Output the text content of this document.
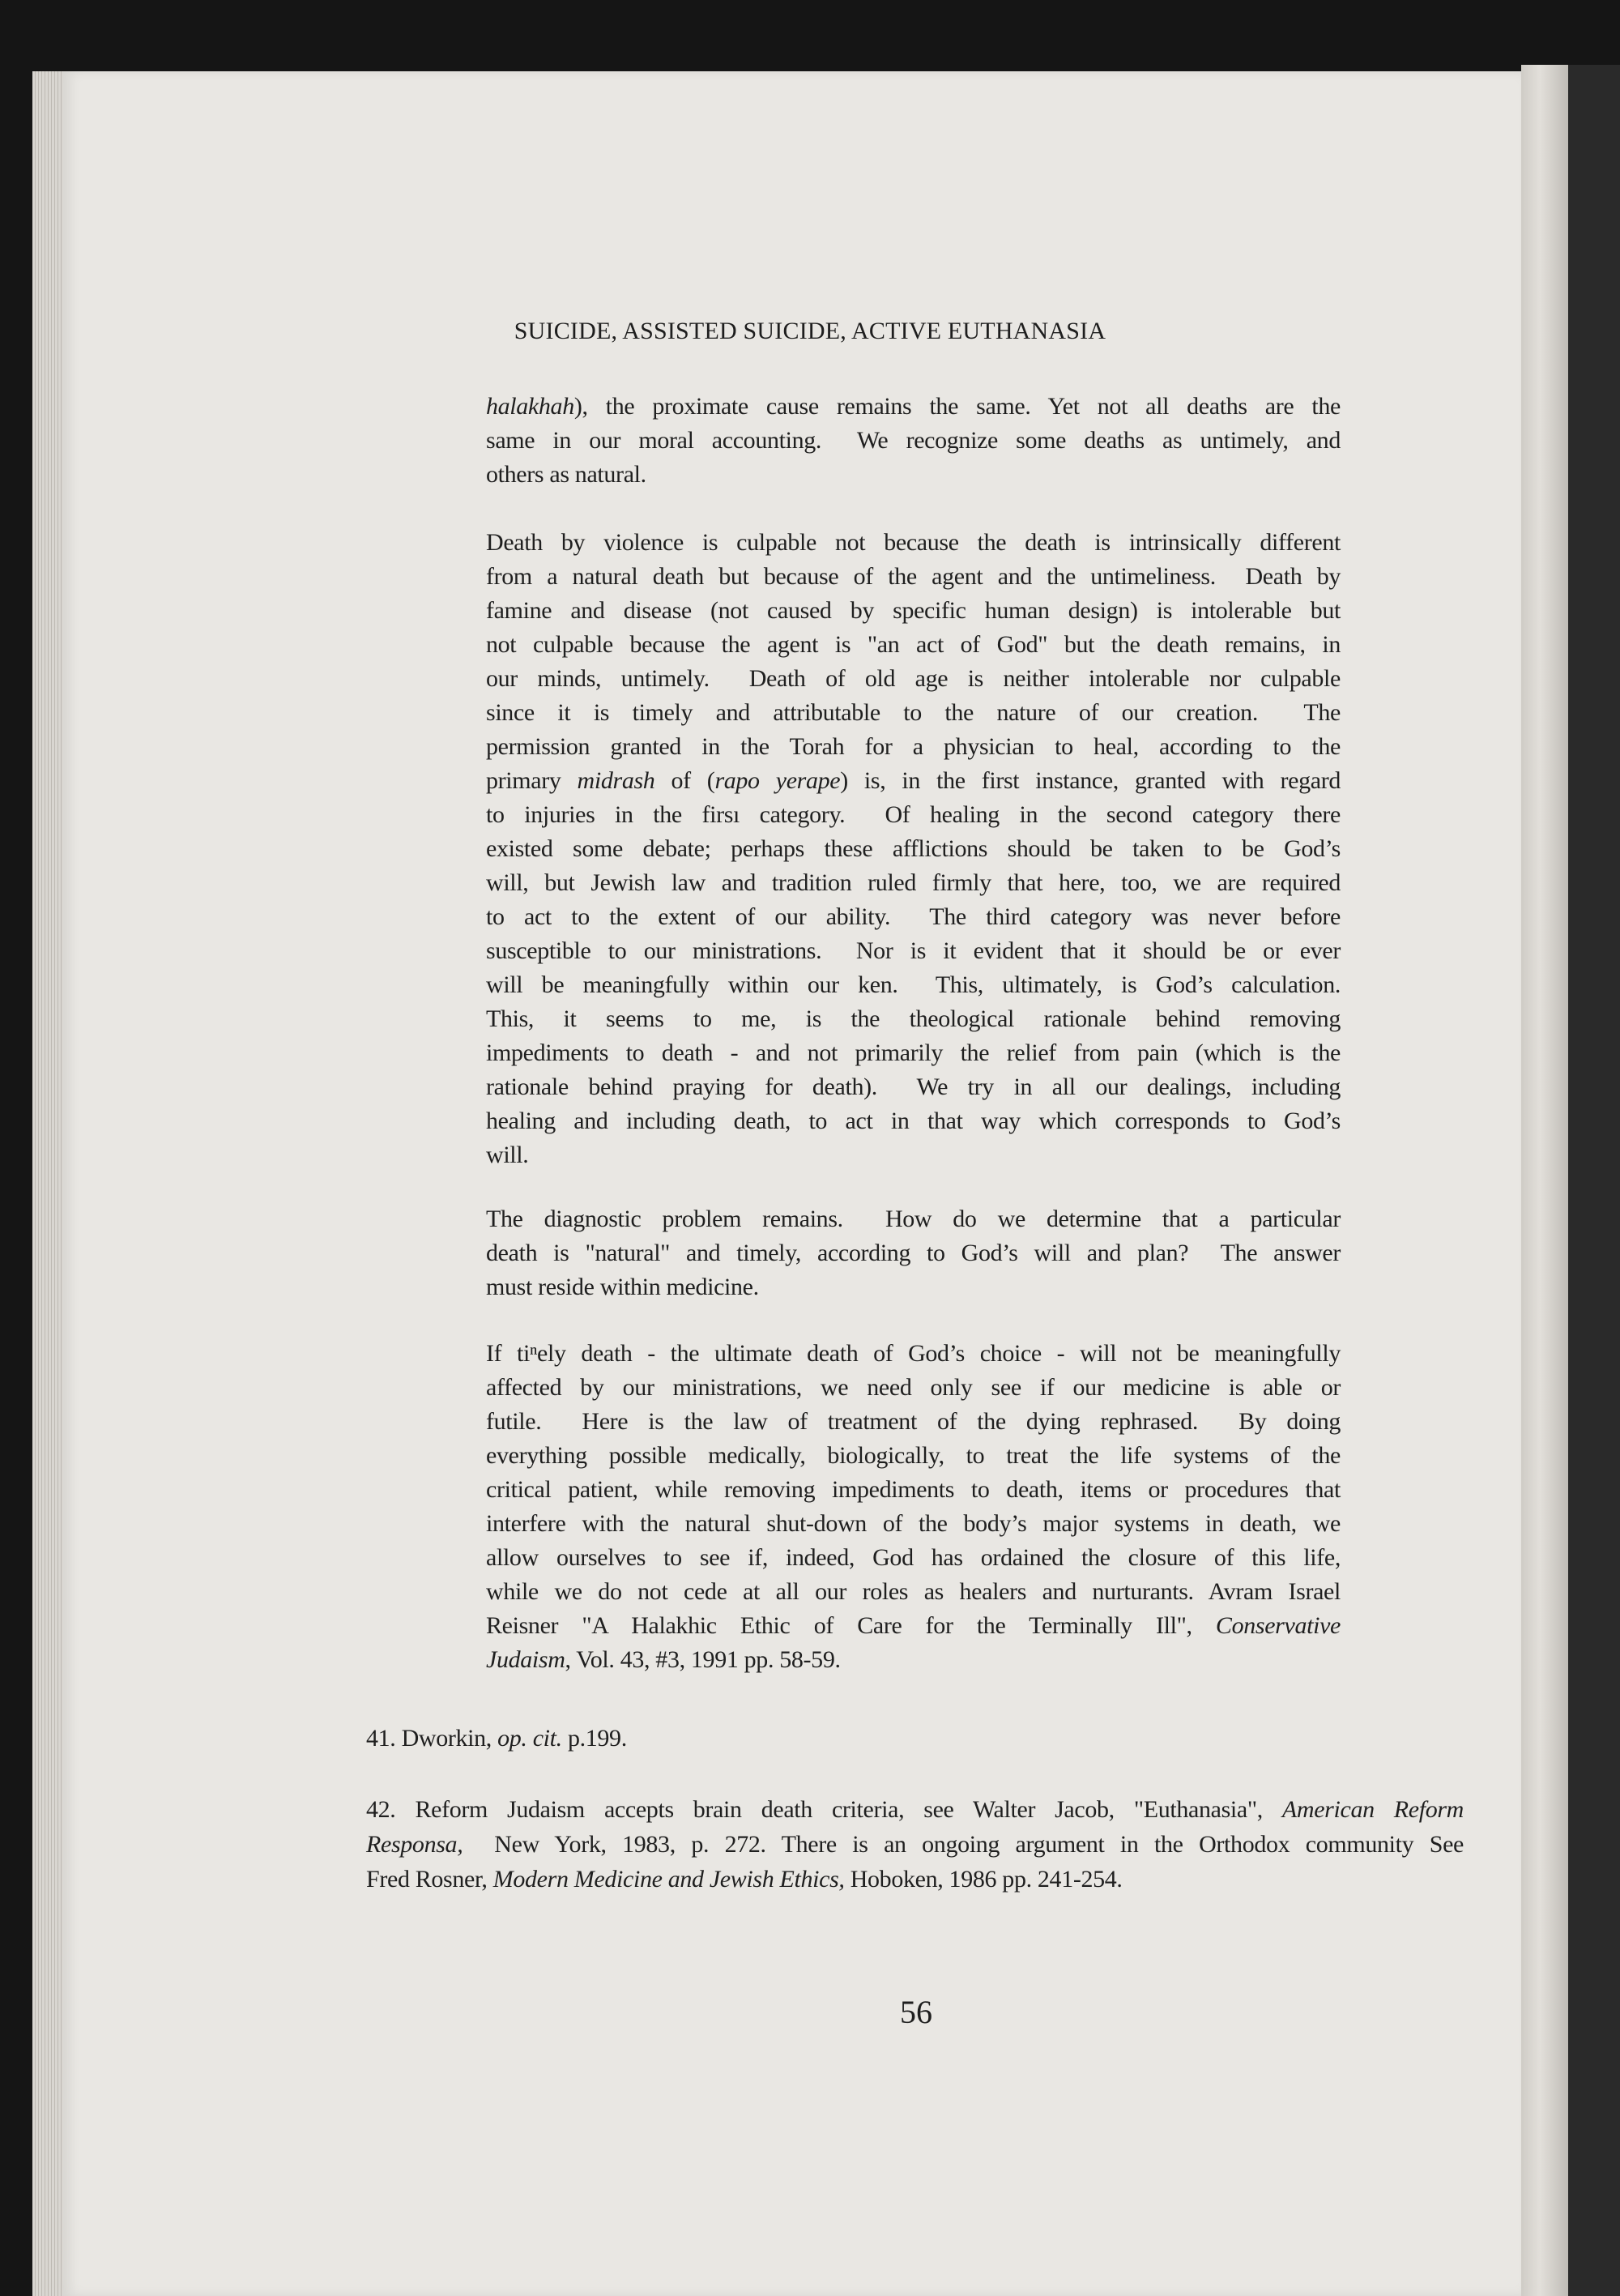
SUICIDE, ASSISTED SUICIDE, ACTIVE EUTHANASIA
halakhah), the proximate cause remains the same. Yet not all deaths are the
same in our moral accounting.  We recognize some deaths as untimely, and
others as natural.
Death by violence is culpable not because the death is intrinsically different
from a natural death but because of the agent and the untimeliness.  Death by
famine and disease (not caused by specific human design) is intolerable but
not culpable because the agent is "an act of God" but the death remains, in
our minds, untimely.  Death of old age is neither intolerable nor culpable
since it is timely and attributable to the nature of our creation.  The
permission granted in the Torah for a physician to heal, according to the
primary midrash of (rapo yerape) is, in the first instance, granted with regard
to injuries in the firsı category.  Of healing in the second category there
existed some debate; perhaps these afflictions should be taken to be God’s
will, but Jewish law and tradition ruled firmly that here, too, we are required
to act to the extent of our ability.  The third category was never before
susceptible to our ministrations.  Nor is it evident that it should be or ever
will be meaningfully within our ken.  This, ultimately, is God’s calculation.
This, it seems to me, is the theological rationale behind removing
impediments to death - and not primarily the relief from pain (which is the
rationale behind praying for death).  We try in all our dealings, including
healing and including death, to act in that way which corresponds to God’s
will.
The diagnostic problem remains.  How do we determine that a particular
death is "natural" and timely, according to God’s will and plan?  The answer
must reside within medicine.
If tiⁿely death - the ultimate death of God’s choice - will not be meaningfully
affected by our ministrations, we need only see if our medicine is able or
futile.  Here is the law of treatment of the dying rephrased.  By doing
everything possible medically, biologically, to treat the life systems of the
critical patient, while removing impediments to death, items or procedures that
interfere with the natural shut-down of the body’s major systems in death, we
allow ourselves to see if, indeed, God has ordained the closure of this life,
while we do not cede at all our roles as healers and nurturants. Avram Israel
Reisner "A Halakhic Ethic of Care for the Terminally Ill", Conservative
Judaism, Vol. 43, #3, 1991 pp. 58-59.
41. Dworkin, op. cit. p.199.
42. Reform Judaism accepts brain death criteria, see Walter Jacob, "Euthanasia", American Reform
Responsa,  New York, 1983, p. 272. There is an ongoing argument in the Orthodox community See
Fred Rosner, Modern Medicine and Jewish Ethics, Hoboken, 1986 pp. 241-254.
56
